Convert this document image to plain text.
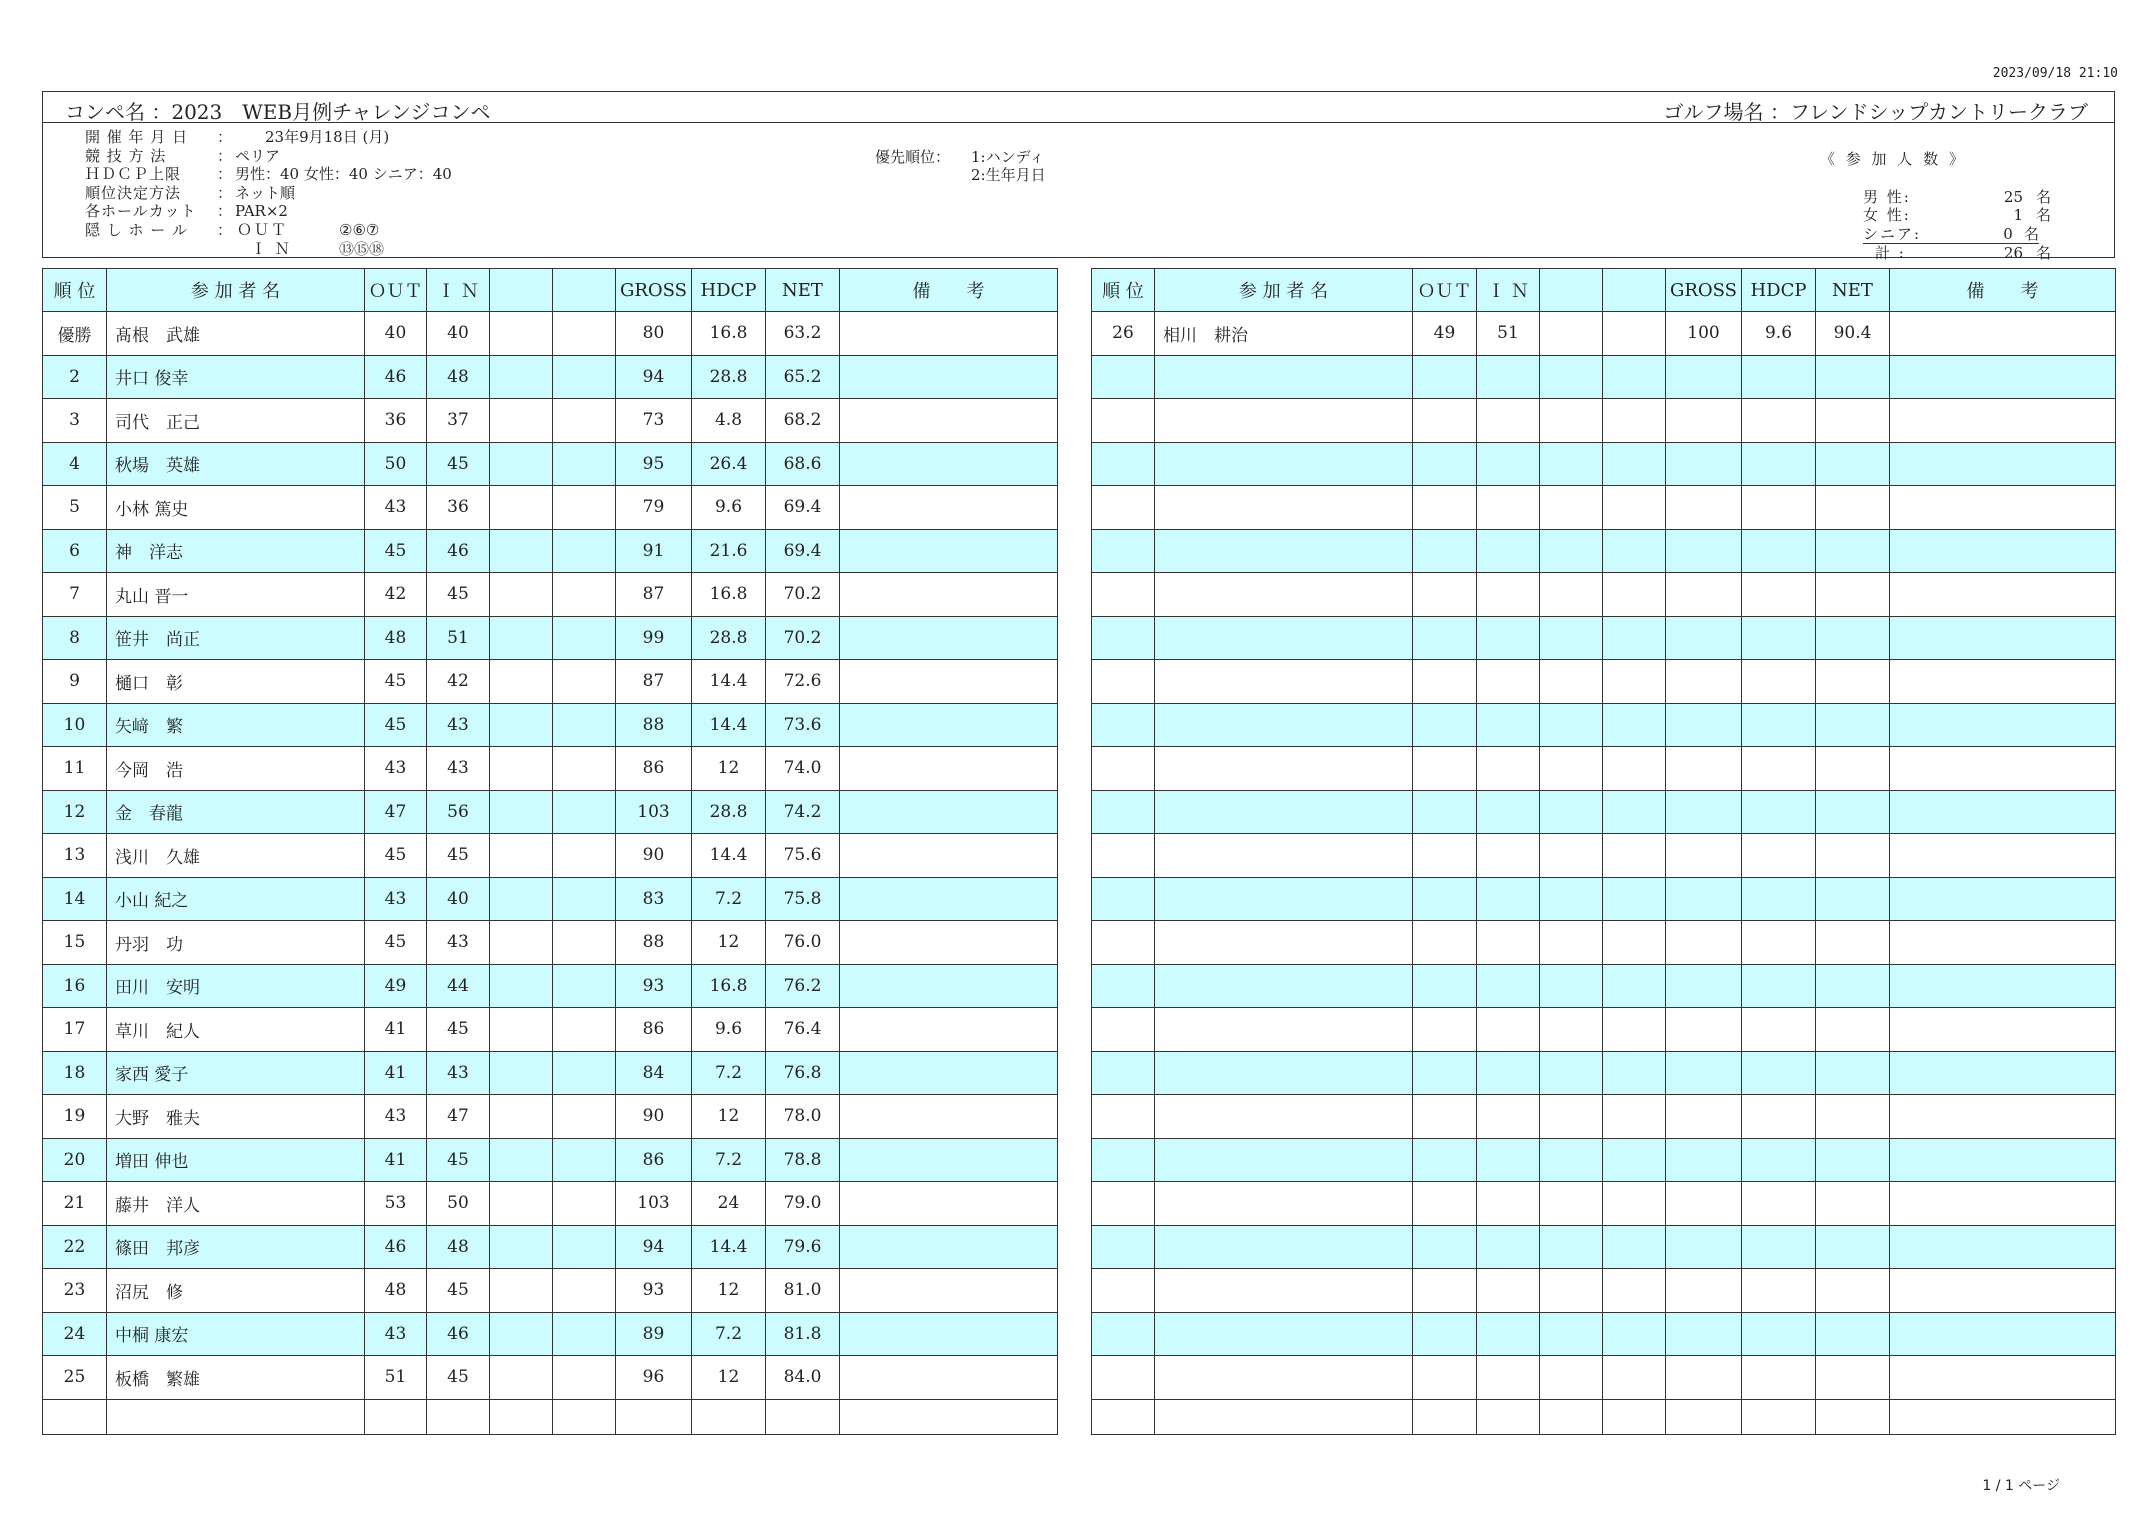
2023/09/18 21:10
コンペ名 ：2023　WEB月例チャレンジコンペ	ゴルフ場名 ：フレンドシップカントリークラブ
開 催 年 月 日	： 　　23年9月18日 (月)
競 技 方 法	： ペリア
ＨＤＣＰ上限	： 男性：40 女性：40 シニア：40
順位決定方法	： ネット順
各ホールカット	： PAR×2
隠 し ホ ー ル	： ＯＵＴ	②⑥⑦
Ｉ Ｎ	⑬⑮⑱
優先順位：	1:ハンディ
2:生年月日
《 参 加 人 数 》
男 性:	25 名
女 性:	1 名
シニア:	0 名
計 :	26 名
順 位	参 加 者 名	ＯＵＴ	Ｉ Ｎ			GROSS	HDCP	NET	備　　考
優勝	髙根　武雄	40	40			80	16.8	63.2	
2	井口 俊幸	46	48			94	28.8	65.2	
3	司代　正己	36	37			73	4.8	68.2	
4	秋場　英雄	50	45			95	26.4	68.6	
5	小林 篤史	43	36			79	9.6	69.4	
6	神　洋志	45	46			91	21.6	69.4	
7	丸山 晋一	42	45			87	16.8	70.2	
8	笹井　尚正	48	51			99	28.8	70.2	
9	樋口　彰	45	42			87	14.4	72.6	
10	矢﨑　繁	45	43			88	14.4	73.6	
11	今岡　浩	43	43			86	12	74.0	
12	金　春龍	47	56			103	28.8	74.2	
13	浅川　久雄	45	45			90	14.4	75.6	
14	小山 紀之	43	40			83	7.2	75.8	
15	丹羽　功	45	43			88	12	76.0	
16	田川　安明	49	44			93	16.8	76.2	
17	草川　紀人	41	45			86	9.6	76.4	
18	家西 愛子	41	43			84	7.2	76.8	
19	大野　雅夫	43	47			90	12	78.0	
20	増田 伸也	41	45			86	7.2	78.8	
21	藤井　洋人	53	50			103	24	79.0	
22	篠田　邦彦	46	48			94	14.4	79.6	
23	沼尻　修	48	45			93	12	81.0	
24	中桐 康宏	43	46			89	7.2	81.8	
25	板橋　繁雄	51	45			96	12	84.0	

順 位	参 加 者 名	ＯＵＴ	Ｉ Ｎ			GROSS	HDCP	NET	備　　考
26	相川　耕治	49	51			100	9.6	90.4	

1 / 1 ページ
